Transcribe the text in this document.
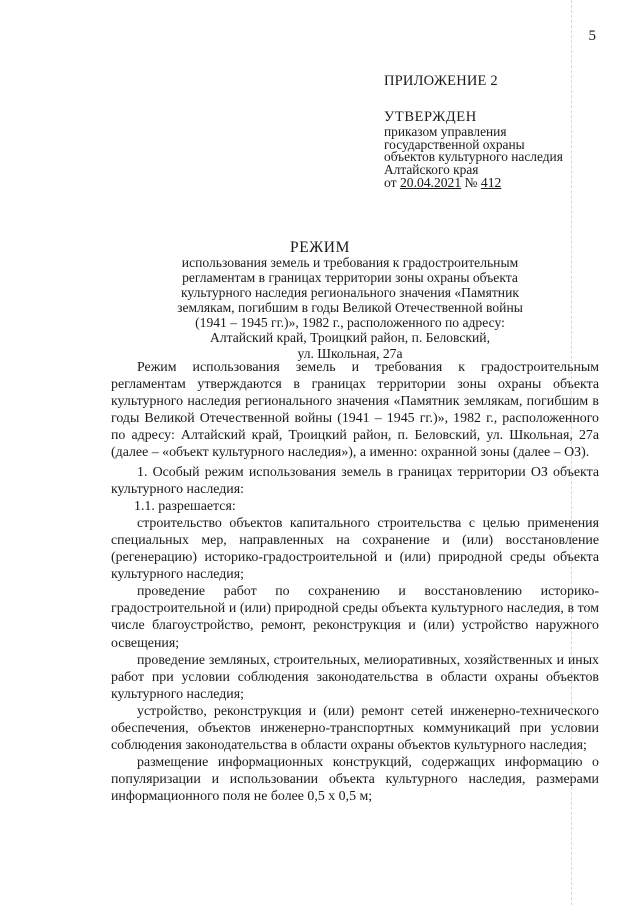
5
ПРИЛОЖЕНИЕ 2
УТВЕРЖДЕН
приказом управления
государственной охраны
объектов культурного наследия
Алтайского края
от 20.04.2021 № 412
РЕЖИМ
использования земель и требования к градостроительным
регламентам в границах территории зоны охраны объекта
культурного наследия регионального значения «Памятник
землякам, погибшим в годы Великой Отечественной войны
(1941 – 1945 гг.)», 1982 г., расположенного по адресу:
Алтайский край, Троицкий район, п. Беловский,
ул. Школьная, 27а

Режим использования земель и требования к градостроительным регламентам утверждаются в границах территории зоны охраны объекта культурного наследия регионального значения «Памятник землякам, погибшим в годы Великой Отечественной войны (1941 – 1945 гг.)», 1982 г., расположенного по адресу: Алтайский край, Троицкий район, п. Беловский, ул. Школьная, 27а (далее – «объект культурного наследия»), а именно: охранной зоны (далее – ОЗ).

1. Особый режим использования земель в границах территории ОЗ объекта культурного наследия:

1.1. разрешается:

строительство объектов капитального строительства с целью применения специальных мер, направленных на сохранение и (или) восстановление (регенерацию) историко-градостроительной и (или) природной среды объекта культурного наследия;

проведение работ по сохранению и восстановлению историко-градостроительной и (или) природной среды объекта культурного наследия, в том числе благоустройство, ремонт, реконструкция и (или) устройство наружного освещения;

проведение земляных, строительных, мелиоративных, хозяйственных и иных работ при условии соблюдения законодательства в области охраны объектов культурного наследия;

устройство, реконструкция и (или) ремонт сетей инженерно-технического обеспечения, объектов инженерно-транспортных коммуникаций при условии соблюдения законодательства в области охраны объектов культурного наследия;

размещение информационных конструкций, содержащих информацию о популяризации и использовании объекта культурного наследия, размерами информационного поля не более 0,5 х 0,5 м;
